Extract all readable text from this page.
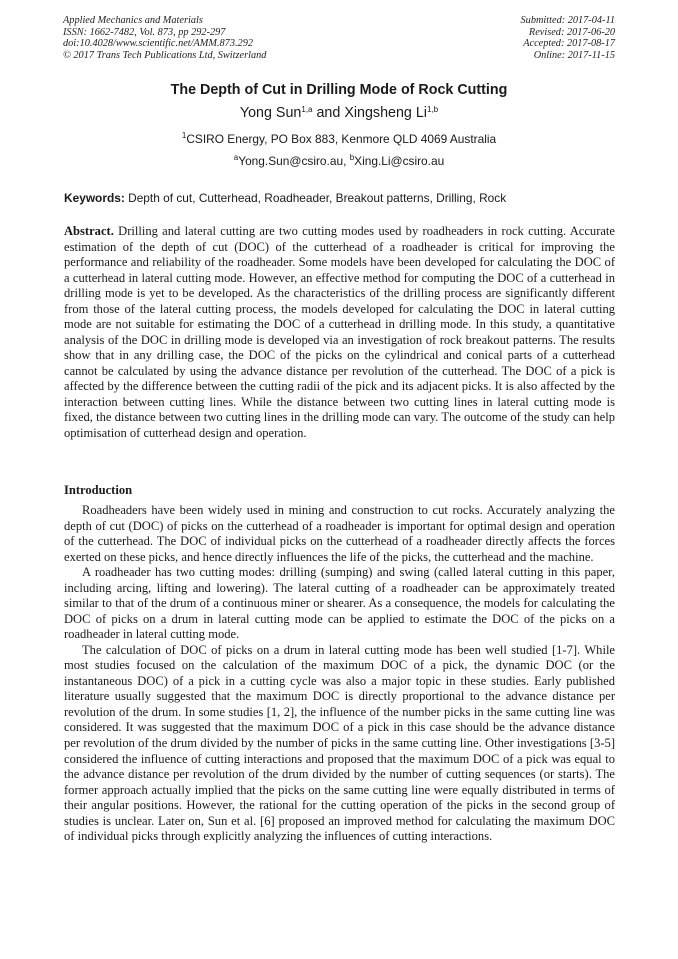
Applied Mechanics and Materials
ISSN: 1662-7482, Vol. 873, pp 292-297
doi:10.4028/www.scientific.net/AMM.873.292
© 2017 Trans Tech Publications Ltd, Switzerland
Submitted: 2017-04-11
Revised: 2017-06-20
Accepted: 2017-08-17
Online: 2017-11-15
The Depth of Cut in Drilling Mode of Rock Cutting
Yong Sun$^{1,a}$ and Xingsheng Li$^{1,b}$
$^1$CSIRO Energy, PO Box 883, Kenmore QLD 4069 Australia
$^a$Yong.Sun@csiro.au, $^b$Xing.Li@csiro.au
Keywords: Depth of cut, Cutterhead, Roadheader, Breakout patterns, Drilling, Rock
Abstract. Drilling and lateral cutting are two cutting modes used by roadheaders in rock cutting. Accurate estimation of the depth of cut (DOC) of the cutterhead of a roadheader is critical for improving the performance and reliability of the roadheader. Some models have been developed for calculating the DOC of a cutterhead in lateral cutting mode. However, an effective method for computing the DOC of a cutterhead in drilling mode is yet to be developed. As the characteristics of the drilling process are significantly different from those of the lateral cutting process, the models developed for calculating the DOC in lateral cutting mode are not suitable for estimating the DOC of a cutterhead in drilling mode. In this study, a quantitative analysis of the DOC in drilling mode is developed via an investigation of rock breakout patterns. The results show that in any drilling case, the DOC of the picks on the cylindrical and conical parts of a cutterhead cannot be calculated by using the advance distance per revolution of the cutterhead. The DOC of a pick is affected by the difference between the cutting radii of the pick and its adjacent picks. It is also affected by the interaction between cutting lines. While the distance between two cutting lines in lateral cutting mode is fixed, the distance between two cutting lines in the drilling mode can vary. The outcome of the study can help optimisation of cutterhead design and operation.
Introduction

Roadheaders have been widely used in mining and construction to cut rocks. Accurately analyzing the depth of cut (DOC) of picks on the cutterhead of a roadheader is important for optimal design and operation of the cutterhead. The DOC of individual picks on the cutterhead of a roadheader directly affects the forces exerted on these picks, and hence directly influences the life of the picks, the cutterhead and the machine.

A roadheader has two cutting modes: drilling (sumping) and swing (called lateral cutting in this paper, including arcing, lifting and lowering). The lateral cutting of a roadheader can be approximately treated similar to that of the drum of a continuous miner or shearer. As a consequence, the models for calculating the DOC of picks on a drum in lateral cutting mode can be applied to estimate the DOC of the picks on a roadheader in lateral cutting mode.

The calculation of DOC of picks on a drum in lateral cutting mode has been well studied [1-7]. While most studies focused on the calculation of the maximum DOC of a pick, the dynamic DOC (or the instantaneous DOC) of a pick in a cutting cycle was also a major topic in these studies. Early published literature usually suggested that the maximum DOC is directly proportional to the advance distance per revolution of the drum. In some studies [1, 2], the influence of the number picks in the same cutting line was considered. It was suggested that the maximum DOC of a pick in this case should be the advance distance per revolution of the drum divided by the number of picks in the same cutting line. Other investigations [3-5] considered the influence of cutting interactions and proposed that the maximum DOC of a pick was equal to the advance distance per revolution of the drum divided by the number of cutting sequences (or starts). The former approach actually implied that the picks on the same cutting line were equally distributed in terms of their angular positions. However, the rational for the cutting operation of the picks in the second group of studies is unclear. Later on, Sun et al. [6] proposed an improved method for calculating the maximum DOC of individual picks through explicitly analyzing the influences of cutting interactions.
